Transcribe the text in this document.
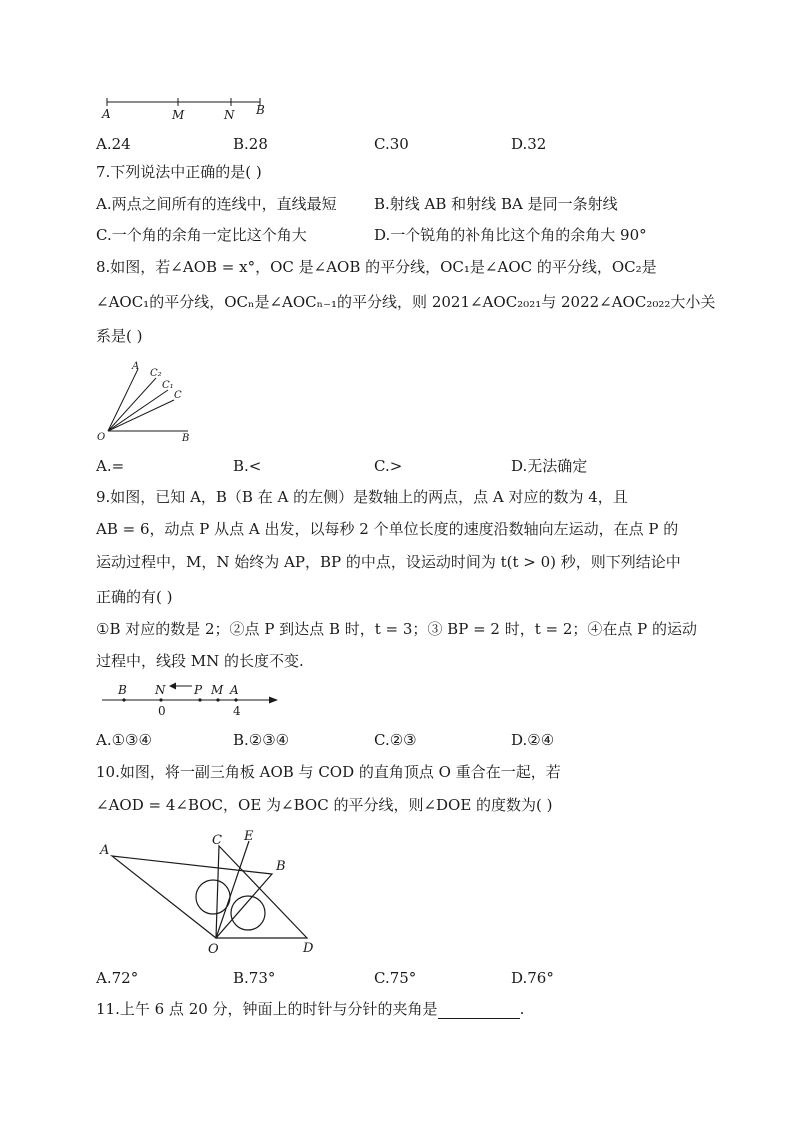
A	M	N B
A.24	B.28	C.30	D.32
7.下列说法中正确的是( )
A.两点之间所有的连线中，直线最短 B.射线 AB 和射线 BA 是同一条射线
C.一个角的余角一定比这个角大	D.一个锐角的补角比这个角的余角大 90°
8.如图，若∠AOB = x°，OC 是∠AOB 的平分线，OC₁是∠AOC 的平分线，OC₂是
∠AOC₁的平分线，OCₙ是∠AOCₙ₋₁的平分线，则 2021∠AOC₂₀₂₁与 2022∠AOC₂₀₂₂大小关
系是( )
A
C₂
C₁
C
O	B
A.=	B.<	C.>	D.无法确定
9.如图，已知 A，B（B 在 A 的左侧）是数轴上的两点，点 A 对应的数为 4，且
AB = 6，动点 P 从点 A 出发，以每秒 2 个单位长度的速度沿数轴向左运动，在点 P 的
运动过程中，M，N 始终为 AP，BP 的中点，设运动时间为 t(t > 0) 秒，则下列结论中
正确的有( )
①B 对应的数是 2；②点 P 到达点 B 时，t = 3；③ BP = 2 时，t = 2；④在点 P 的运动
过程中，线段 MN 的长度不变.
B N P M A
0	4
A.①③④	B.②③④	C.②③	D.②④
10.如图，将一副三角板 AOB 与 COD 的直角顶点 O 重合在一起，若
∠AOD = 4∠BOC，OE 为∠BOC 的平分线，则∠DOE 的度数为( )
A
C E
B
O	D
A.72°	B.73°	C.75°	D.76°
11.上午 6 点 20 分，钟面上的时针与分针的夹角是	.
